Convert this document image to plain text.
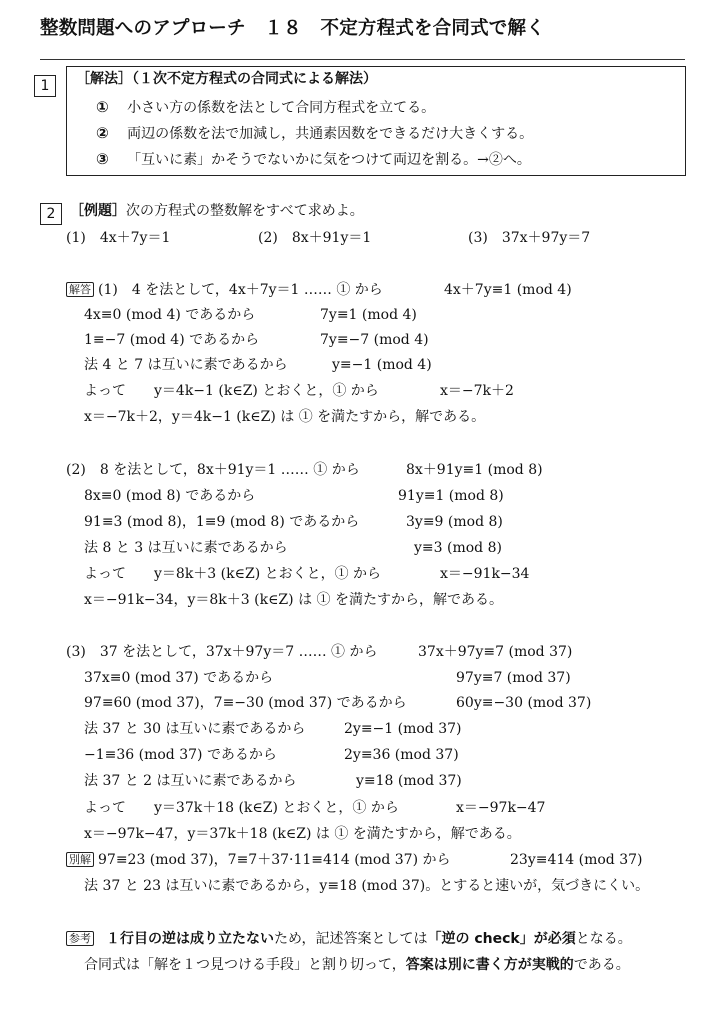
整数問題へのアプローチ　１８　不定方程式を合同式で解く
1	［解法］（１次不定方程式の合同式による解法）
① 小さい方の係数を法として合同方程式を立てる。
② 両辺の係数を法で加減し，共通素因数をできるだけ大きくする。
③ 「互いに素」かそうでないかに気をつけて両辺を割る。→②へ。
2	［例題］次の方程式の整数解をすべて求めよ。
(1)　4x＋7y＝1	(2)　8x＋91y＝1	(3)　37x＋97y＝7
解答 (1)　4 を法として，4x＋7y＝1 …… ① から	4x＋7y≡1 (mod 4)
4x≡0 (mod 4) であるから	7y≡1 (mod 4)
1≡−7 (mod 4) であるから	7y≡−7 (mod 4)
法 4 と 7 は互いに素であるから	y≡−1 (mod 4)
よって　　y＝4k−1 (k∈Z) とおくと，① から	x＝−7k＋2
x＝−7k＋2，y＝4k−1 (k∈Z) は ① を満たすから，解である。
(2)　8 を法として，8x＋91y＝1 …… ① から	8x＋91y≡1 (mod 8)
8x≡0 (mod 8) であるから	91y≡1 (mod 8)
91≡3 (mod 8)，1≡9 (mod 8) であるから	3y≡9 (mod 8)
法 8 と 3 は互いに素であるから	y≡3 (mod 8)
よって　　y＝8k＋3 (k∈Z) とおくと，① から	x＝−91k−34
x＝−91k−34，y＝8k＋3 (k∈Z) は ① を満たすから，解である。
(3)　37 を法として，37x＋97y＝7 …… ① から	37x＋97y≡7 (mod 37)
37x≡0 (mod 37) であるから	97y≡7 (mod 37)
97≡60 (mod 37)，7≡−30 (mod 37) であるから	60y≡−30 (mod 37)
法 37 と 30 は互いに素であるから	2y≡−1 (mod 37)
−1≡36 (mod 37) であるから	2y≡36 (mod 37)
法 37 と 2 は互いに素であるから	y≡18 (mod 37)
よって　　y＝37k＋18 (k∈Z) とおくと，① から	x＝−97k−47
x＝−97k−47，y＝37k＋18 (k∈Z) は ① を満たすから，解である。
別解 97≡23 (mod 37)，7≡7＋37·11≡414 (mod 37) から	23y≡414 (mod 37)
法 37 と 23 は互いに素であるから，y≡18 (mod 37)。とすると速いが，気づきにくい。
参考 １行目の逆は成り立たないため，記述答案としては「逆の check」が必須となる。
合同式は「解を１つ見つける手段」と割り切って，答案は別に書く方が実戦的である。
